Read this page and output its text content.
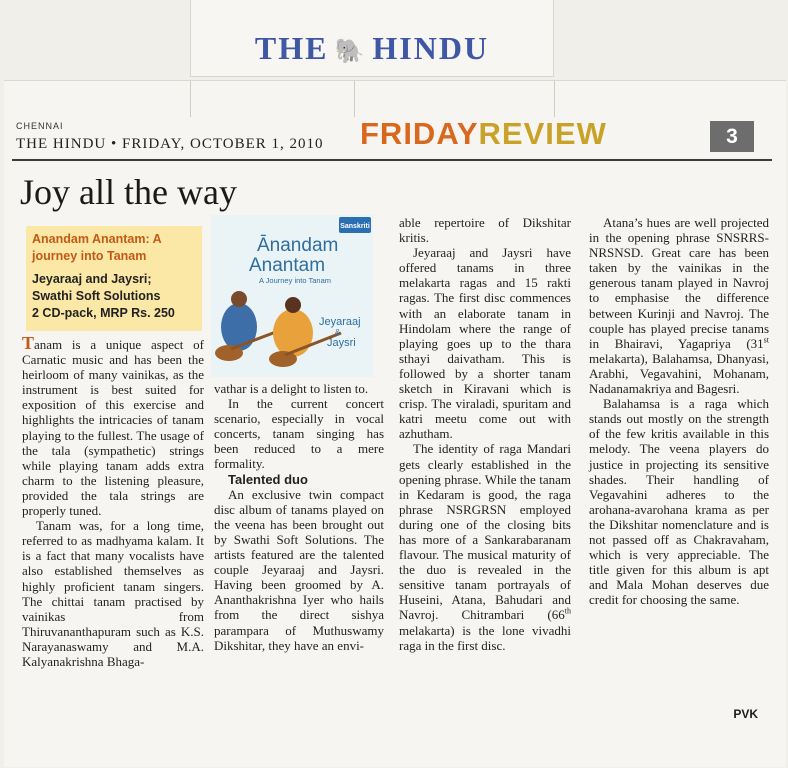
THE 🐘 HINDU
CHENNAI
THE HINDU • FRIDAY, OCTOBER 1, 2010 FRIDAYREVIEW	3
Joy all the way
Anandam Anantam: A journey into Tanam
Jeyaraaj and Jaysri;
Swathi Soft Solutions
2 CD-pack, MRP Rs. 250
Sanskriti
Ānandam
Anantam
A Journey into Tanam
Jeyaraaj
&
Jaysri

Tanam is a unique aspect of Carnatic music and has been the heirloom of many vainikas, as the instrument is best suited for exposition of this exercise and highlights the intricacies of tanam playing to the fullest. The usage of the tala (sympathetic) strings while playing tanam adds extra charm to the listening pleasure, provided the tala strings are properly tuned.

Tanam was, for a long time, referred to as madhyama kalam. It is a fact that many vocalists have also established themselves as highly proficient tanam singers. The chittai tanam practised by vainikas from Thiruvananthapuram such as K.S. Narayanaswamy and M.A. Kalyanakrishna Bhaga-

vathar is a delight to listen to.

In the current concert scenario, especially in vocal concerts, tanam singing has been reduced to a mere formality.

Talented duo

An exclusive twin compact disc album of tanams played on the veena has been brought out by Swathi Soft Solutions. The artists featured are the talented couple Jeyaraaj and Jaysri. Having been groomed by A. Ananthakrishna Iyer who hails from the direct sishya parampara of Muthuswamy Dikshitar, they have an envi-

able repertoire of Dikshitar kritis.

Jeyaraaj and Jaysri have offered tanams in three melakarta ragas and 15 rakti ragas. The first disc commences with an elaborate tanam in Hindolam where the range of playing goes up to the thara sthayi daivatham. This is followed by a shorter tanam sketch in Kiravani which is crisp. The viraladi, spuritam and katri meetu come out with azhutham.

The identity of raga Mandari gets clearly established in the opening phrase. While the tanam in Kedaram is good, the raga phrase NSRGRSN employed during one of the closing bits has more of a Sankarabaranam flavour. The musical maturity of the duo is revealed in the sensitive tanam portrayals of Huseini, Atana, Bahudari and Navroj. Chitrambari (66th melakarta) is the lone vivadhi raga in the first disc.

Atana’s hues are well projected in the opening phrase SNSRRS-NRSNSD. Great care has been taken by the vainikas in the generous tanam played in Navroj to emphasise the difference between Kurinji and Navroj. The couple has played precise tanams in Bhairavi, Yagapriya (31st melakarta), Balahamsa, Dhanyasi, Arabhi, Vegavahini, Mohanam, Nadanamakriya and Bagesri.

Balahamsa is a raga which stands out mostly on the strength of the few kritis available in this melody. The veena players do justice in projecting its sensitive shades. Their handling of Vegavahini adheres to the arohana-avarohana krama as per the Dikshitar nomenclature and is not passed off as Chakravaham, which is very appreciable. The title given for this album is apt and Mala Mohan deserves due credit for choosing the same.

PVK
